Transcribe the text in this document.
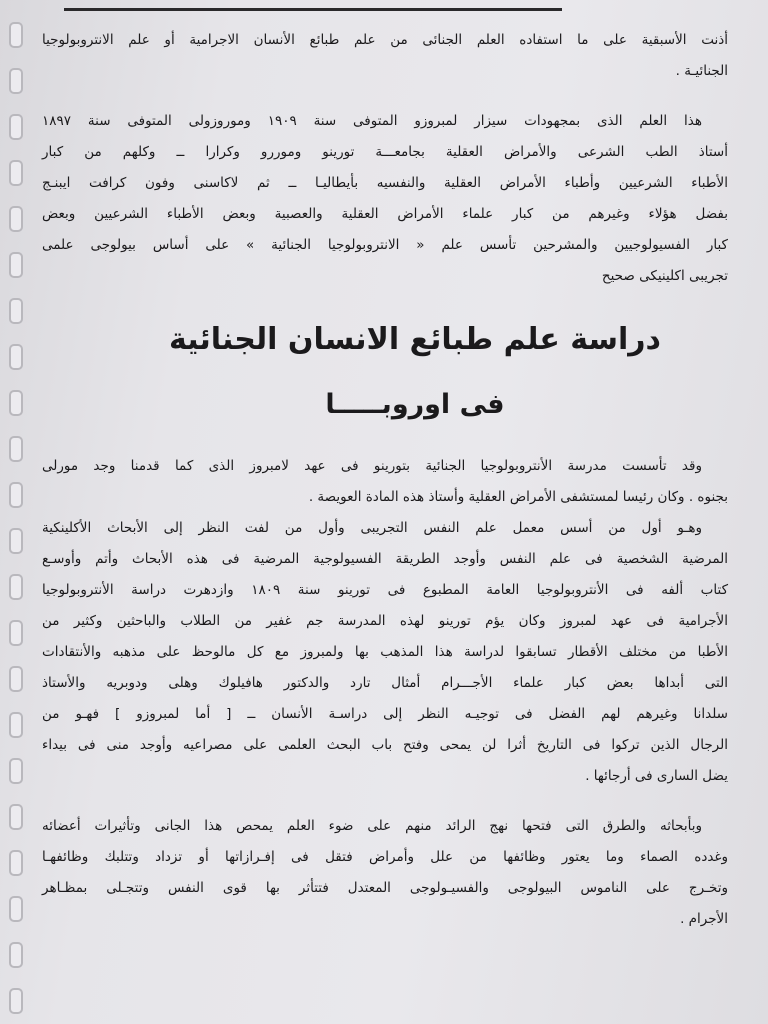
أذنت الأسبقية على ما استفاده العلم الجنائى من علم طبائع الأنسان الاجرامية أو علم الانتروبولوجيا
الجنائيـة .
هذا العلم الذى بمجهودات سيزار لمبروزو المتوفى سنة ١٩٠٩ وموروزولى المتوفى سنة ١٨٩٧
أستاذ الطب الشرعى والأمراض العقلية بجامعـــة تورينو وموررو وكرارا ــ وكلهم من كبار
الأطباء الشرعيين وأطباء الأمراض العقلية والنفسيه بأيطاليـا ــ ثم لاكاسنى وفون كرافت ايبنـج
بفضل هؤلاء وغيرهم من كبار علماء الأمراض العقلية والعصبية وبعض الأطباء الشرعيين وبعض
كبار الفسيولوجيين والمشرحين تأسس علم « الانتروبولوجيا الجنائية » على أساس بيولوجى علمى
تجريبى اكلينيكى صحيح
دراسة علم طبائع الانسان الجنائية
فى اوروبـــــا
وقد تأسست مدرسة الأنتروبولوجيا الجنائية بتورينو فى عهد لامبروز الذى كما قدمنا وجد مورلى
بجنوه . وكان رئيسا لمستشفى الأمراض العقلية وأستاذ هذه المادة العويصة .
وهـو أول من أسس معمل علم النفس التجريبى وأول من لفت النظر إلى الأبحاث الأكلينكية
المرضية الشخصية فى علم النفس وأوجد الطريقة الفسيولوجية المرضية فى هذه الأبحاث وأتم وأوسـع
كتاب ألفه فى الأنتروبولوجيا العامة المطبوع فى تورينو سنة ١٨٠٩ وازدهرت دراسة الأنتروبولوجيا
الأجرامية فى عهد لمبروز وكان يؤم تورينو لهذه المدرسة جم غفير من الطلاب والباحثين وكثير من
الأطبا من مختلف الأقطار تسابقوا لدراسة هذا المذهب بها ولمبروز مع كل مالوحظ على مذهبه والأنتقادات
التى أبداها بعض كبار علماء الأجـــرام أمثال تارد والدكتور هافيلوك وهلى ودوبريه والأستاذ
سلدانا وغيرهم لهم الفضل فى توجيـه النظر إلى دراسـة الأنسان ــ [ أما لمبروزو ] فهـو من
الرجال الذين تركوا فى التاريخ أثرا لن يمحى وفتح باب البحث العلمى على مصراعيه وأوجد منى فى بيداء
يضل السارى فى أرجائها .
وبأبحاثه والطرق التى فتحها نهج الرائد منهم على ضوء العلم يمحص هذا الجانى وتأثيرات أعضائه
وغدده الصماء وما يعتور وظائفها من علل وأمراض فتقل فى إفـرازاتها أو تزداد وتتلبك وظائفهـا
وتخـرج على الناموس البيولوجى والفسيـولوجى المعتدل فتتأثر بها قوى النفس وتتجـلى بمظـاهر
الأجرام .
